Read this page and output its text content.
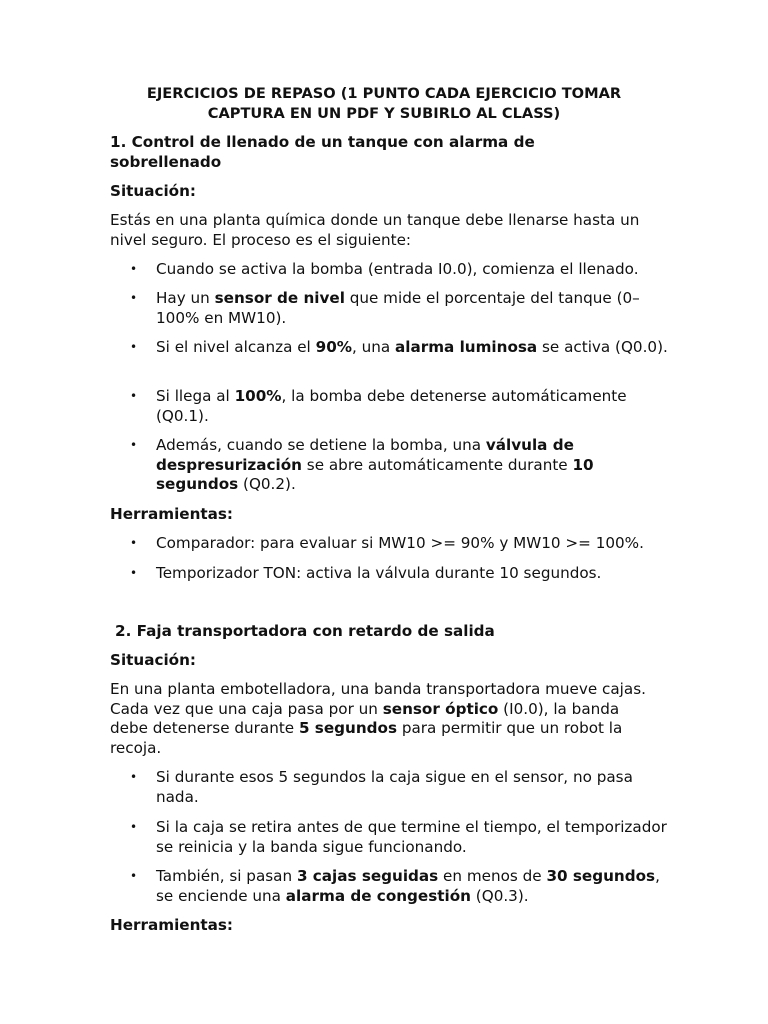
EJERCICIOS DE REPASO (1 PUNTO CADA EJERCICIO TOMAR
CAPTURA EN UN PDF Y SUBIRLO AL CLASS)
1. Control de llenado de un tanque con alarma de sobrellenado
Situación:
Estás en una planta química donde un tanque debe llenarse hasta un nivel seguro. El proceso es el siguiente:
• Cuando se activa la bomba (entrada I0.0), comienza el llenado.
• Hay un sensor de nivel que mide el porcentaje del tanque (0–100% en MW10).
• Si el nivel alcanza el 90%, una alarma luminosa se activa (Q0.0).
• Si llega al 100%, la bomba debe detenerse automáticamente (Q0.1).
• Además, cuando se detiene la bomba, una válvula de despresurización se abre automáticamente durante 10 segundos (Q0.2).
Herramientas:
• Comparador: para evaluar si MW10 >= 90% y MW10 >= 100%.
• Temporizador TON: activa la válvula durante 10 segundos.
2. Faja transportadora con retardo de salida
Situación:
En una planta embotelladora, una banda transportadora mueve cajas. Cada vez que una caja pasa por un sensor óptico (I0.0), la banda debe detenerse durante 5 segundos para permitir que un robot la recoja.
• Si durante esos 5 segundos la caja sigue en el sensor, no pasa nada.
• Si la caja se retira antes de que termine el tiempo, el temporizador se reinicia y la banda sigue funcionando.
• También, si pasan 3 cajas seguidas en menos de 30 segundos, se enciende una alarma de congestión (Q0.3).
Herramientas:
